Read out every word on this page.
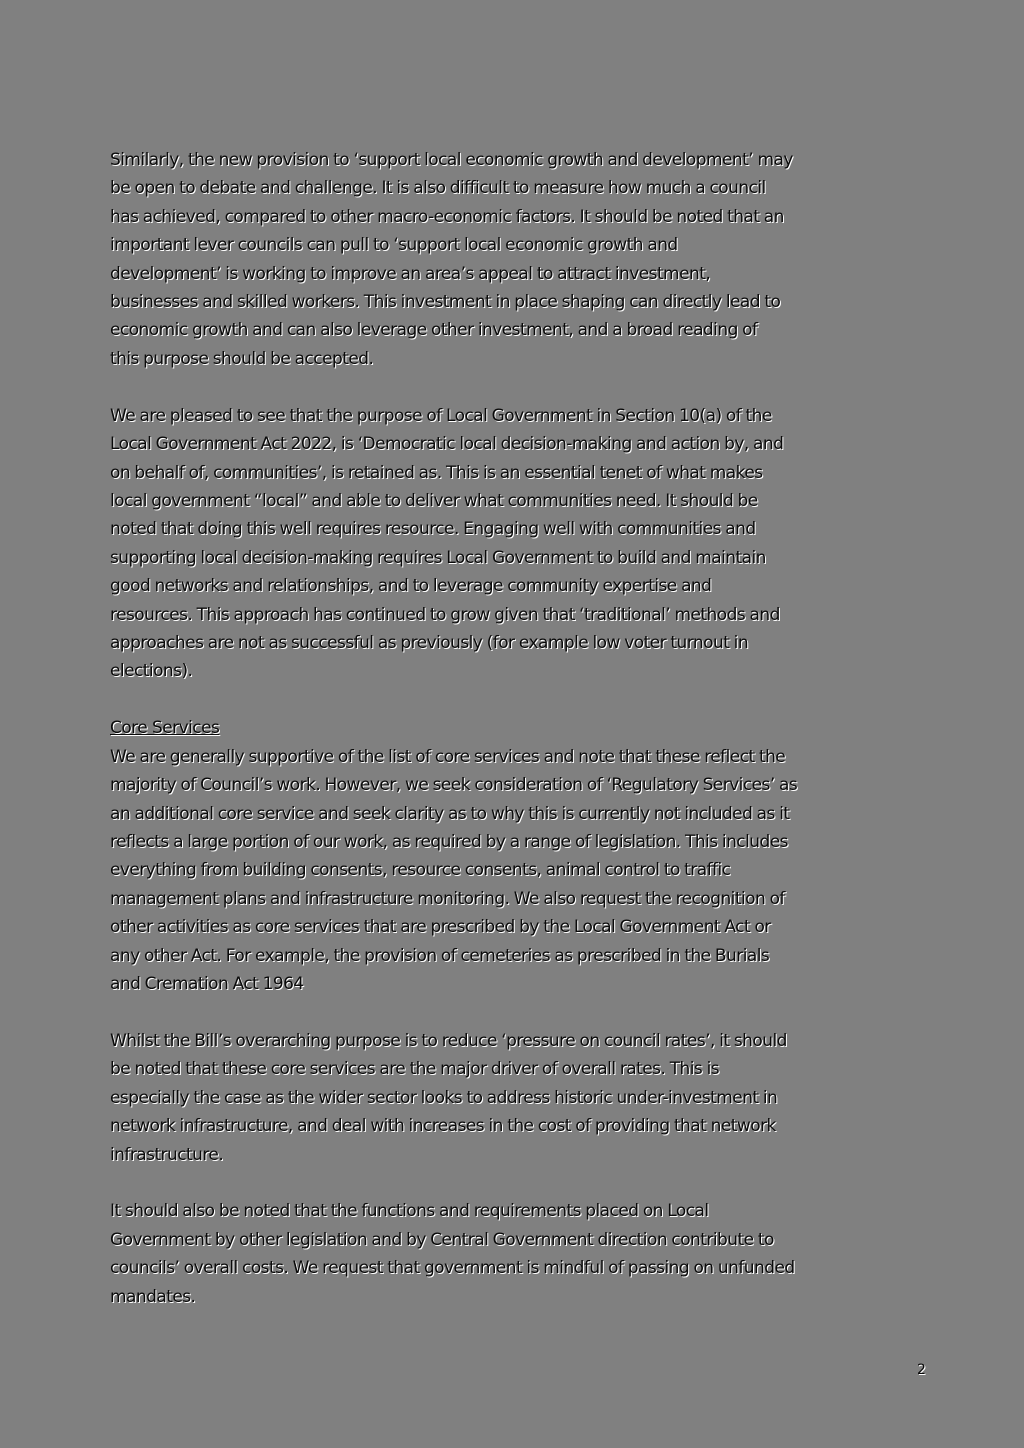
Similarly, the new provision to ‘support local economic growth and development’ may
be open to debate and challenge. It is also difficult to measure how much a council
has achieved, compared to other macro-economic factors. It should be noted that an
important lever councils can pull to ‘support local economic growth and
development’ is working to improve an area’s appeal to attract investment,
businesses and skilled workers. This investment in place shaping can directly lead to
economic growth and can also leverage other investment, and a broad reading of
this purpose should be accepted.

We are pleased to see that the purpose of Local Government in Section 10(a) of the
Local Government Act 2022, is ‘Democratic local decision-making and action by, and
on behalf of, communities’, is retained as. This is an essential tenet of what makes
local government “local” and able to deliver what communities need. It should be
noted that doing this well requires resource. Engaging well with communities and
supporting local decision-making requires Local Government to build and maintain
good networks and relationships, and to leverage community expertise and
resources. This approach has continued to grow given that ‘traditional’ methods and
approaches are not as successful as previously (for example low voter turnout in
elections).

Core Services

We are generally supportive of the list of core services and note that these reflect the
majority of Council’s work. However, we seek consideration of ‘Regulatory Services’ as
an additional core service and seek clarity as to why this is currently not included as it
reflects a large portion of our work, as required by a range of legislation. This includes
everything from building consents, resource consents, animal control to traffic
management plans and infrastructure monitoring. We also request the recognition of
other activities as core services that are prescribed by the Local Government Act or
any other Act. For example, the provision of cemeteries as prescribed in the Burials
and Cremation Act 1964

Whilst the Bill’s overarching purpose is to reduce ‘pressure on council rates’, it should
be noted that these core services are the major driver of overall rates. This is
especially the case as the wider sector looks to address historic under-investment in
network infrastructure, and deal with increases in the cost of providing that network
infrastructure.

It should also be noted that the functions and requirements placed on Local
Government by other legislation and by Central Government direction contribute to
councils’ overall costs. We request that government is mindful of passing on unfunded
mandates.

2
